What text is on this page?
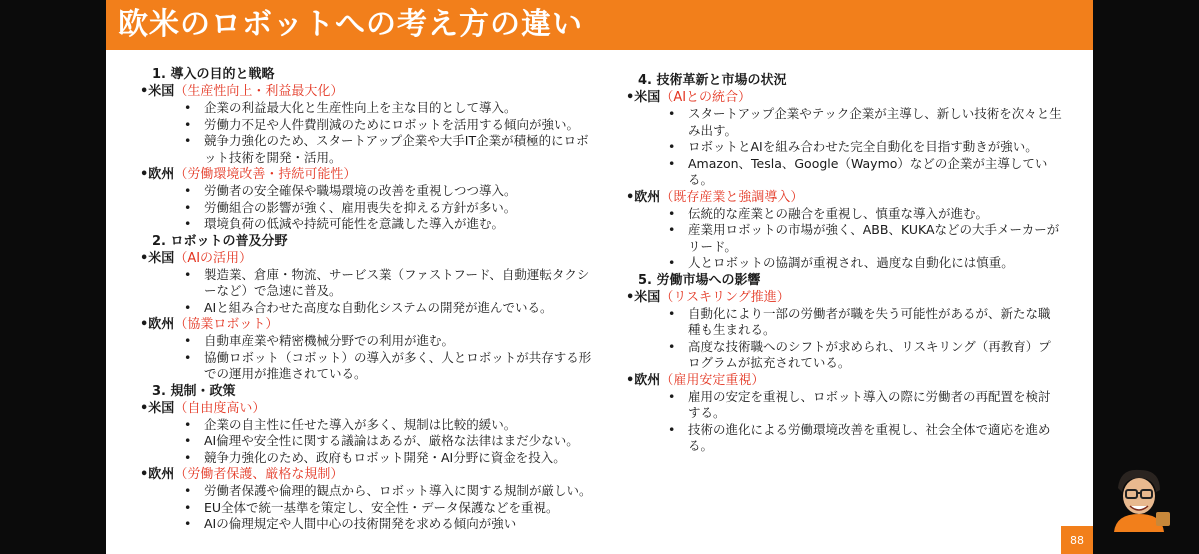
欧米のロボットへの考え方の違い
1. 導入の目的と戦略
•米国（生産性向上・利益最大化）
• 企業の利益最大化と生産性向上を主な目的として導入。
• 労働力不足や人件費削減のためにロボットを活用する傾向が強い。
• 競争力強化のため、スタートアップ企業や大手IT企業が積極的にロボット技術を開発・活用。
•欧州（労働環境改善・持続可能性）
• 労働者の安全確保や職場環境の改善を重視しつつ導入。
• 労働組合の影響が強く、雇用喪失を抑える方針が多い。
• 環境負荷の低減や持続可能性を意識した導入が進む。
2. ロボットの普及分野
•米国（AIの活用）
• 製造業、倉庫・物流、サービス業（ファストフード、自動運転タクシーなど）で急速に普及。
• AIと組み合わせた高度な自動化システムの開発が進んでいる。
•欧州（協業ロボット）
• 自動車産業や精密機械分野での利用が進む。
• 協働ロボット（コボット）の導入が多く、人とロボットが共存する形での運用が推進されている。
3. 規制・政策
•米国（自由度高い）
• 企業の自主性に任せた導入が多く、規制は比較的緩い。
• AI倫理や安全性に関する議論はあるが、厳格な法律はまだ少ない。
• 競争力強化のため、政府もロボット開発・AI分野に資金を投入。
•欧州（労働者保護、厳格な規制）
• 労働者保護や倫理的観点から、ロボット導入に関する規制が厳しい。
• EU全体で統一基準を策定し、安全性・データ保護などを重視。
• AIの倫理規定や人間中心の技術開発を求める傾向が強い
4. 技術革新と市場の状況
•米国（AIとの統合）
• スタートアップ企業やテック企業が主導し、新しい技術を次々と生み出す。
• ロボットとAIを組み合わせた完全自動化を目指す動きが強い。
• Amazon、Tesla、Google（Waymo）などの企業が主導している。
•欧州（既存産業と強調導入）
• 伝統的な産業との融合を重視し、慎重な導入が進む。
• 産業用ロボットの市場が強く、ABB、KUKAなどの大手メーカーがリード。
• 人とロボットの協調が重視され、過度な自動化には慎重。
5. 労働市場への影響
•米国（リスキリング推進）
• 自動化により一部の労働者が職を失う可能性があるが、新たな職種も生まれる。
• 高度な技術職へのシフトが求められ、リスキリング（再教育）プログラムが拡充されている。
•欧州（雇用安定重視）
• 雇用の安定を重視し、ロボット導入の際に労働者の再配置を検討する。
• 技術の進化による労働環境改善を重視し、社会全体で適応を進める。
88
